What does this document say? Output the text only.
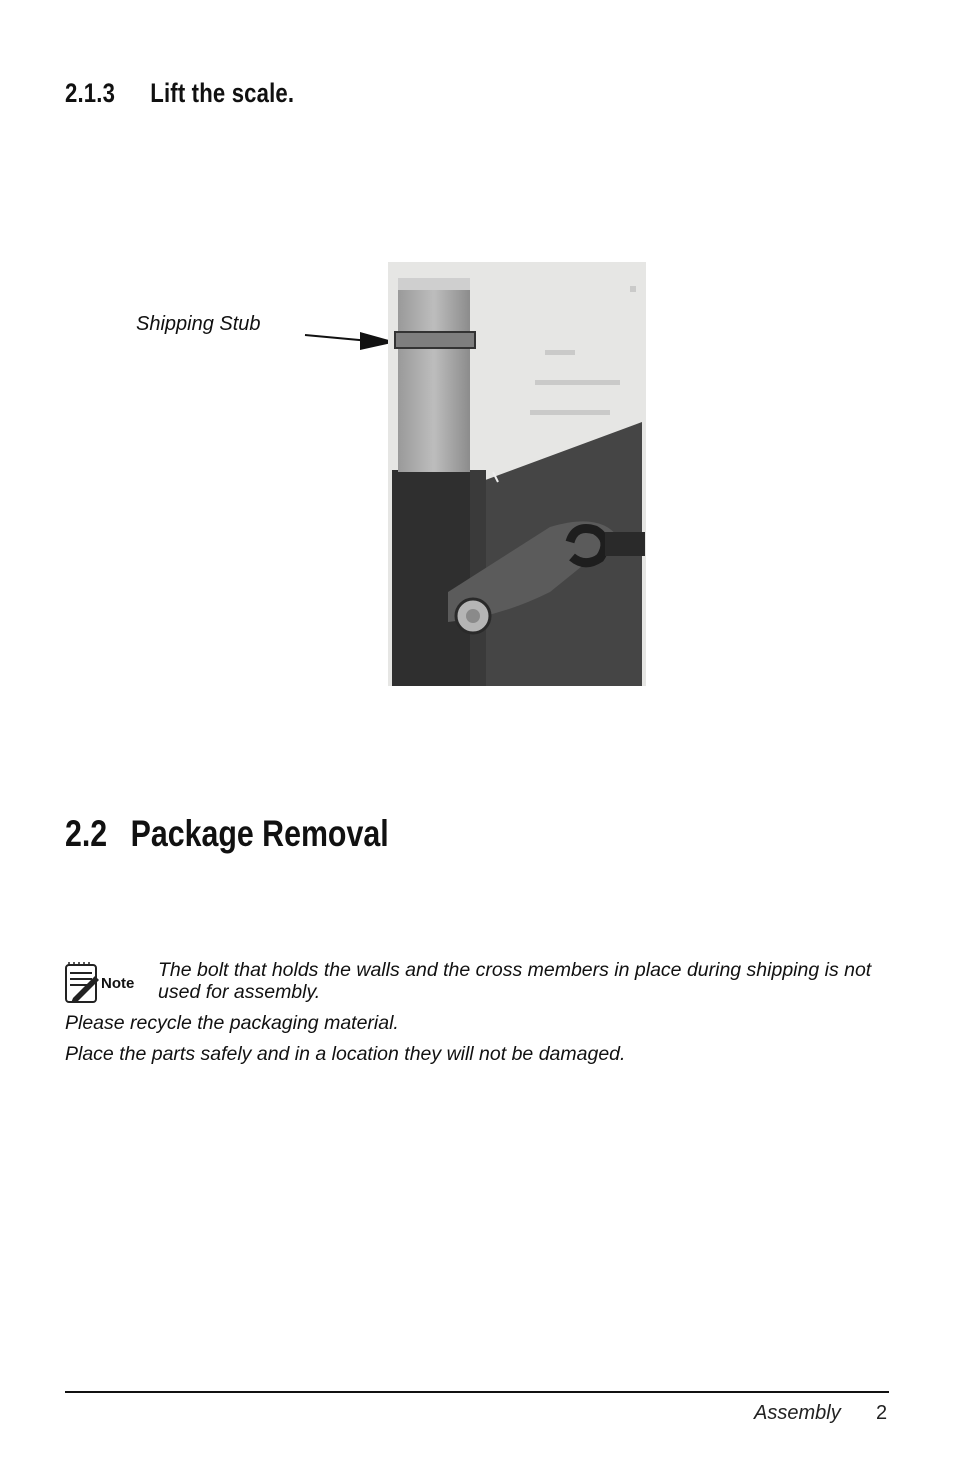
2.1.3 Lift the scale.
Shipping Stub
2.2 Package Removal
Note
The bolt that holds the walls and the cross members in place during shipping is not used for assembly.

Please recycle the packaging material.

Place the parts safely and in a location they will not be damaged.

Assembly 2
